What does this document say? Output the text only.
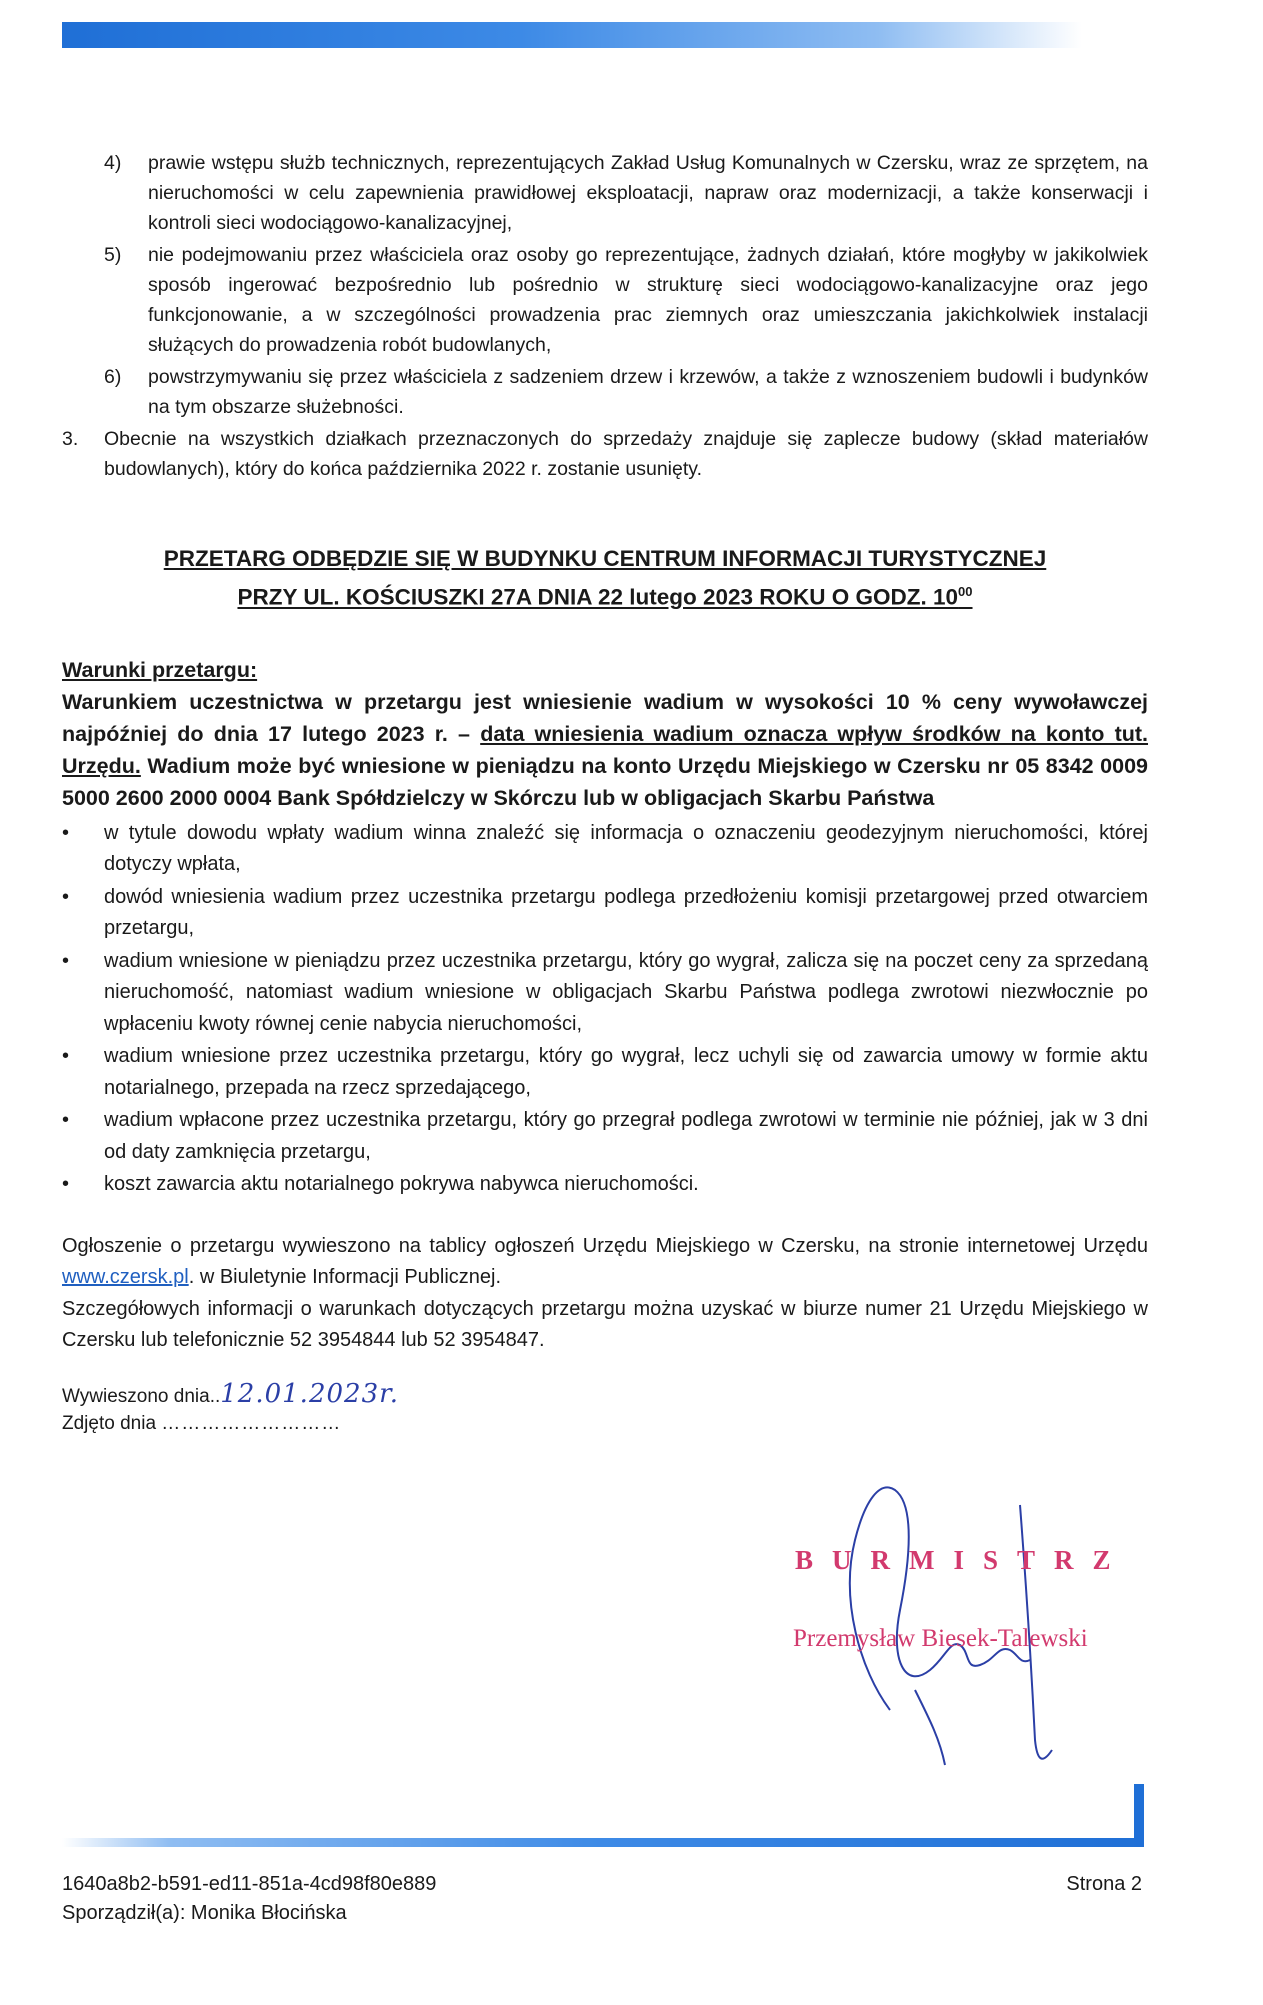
4) prawie wstępu służb technicznych, reprezentujących Zakład Usług Komunalnych w Czersku, wraz ze sprzętem, na nieruchomości w celu zapewnienia prawidłowej eksploatacji, napraw oraz modernizacji, a także konserwacji i kontroli sieci wodociągowo-kanalizacyjnej,
5) nie podejmowaniu przez właściciela oraz osoby go reprezentujące, żadnych działań, które mogłyby w jakikolwiek sposób ingerować bezpośrednio lub pośrednio w strukturę sieci wodociągowo-kanalizacyjne oraz jego funkcjonowanie, a w szczególności prowadzenia prac ziemnych oraz umieszczania jakichkolwiek instalacji służących do prowadzenia robót budowlanych,
6) powstrzymywaniu się przez właściciela z sadzeniem drzew i krzewów, a także z wznoszeniem budowli i budynków na tym obszarze służebności.
3. Obecnie na wszystkich działkach przeznaczonych do sprzedaży znajduje się zaplecze budowy (skład materiałów budowlanych), który do końca października 2022 r. zostanie usunięty.
PRZETARG ODBĘDZIE SIĘ W BUDYNKU CENTRUM INFORMACJI TURYSTYCZNEJ
PRZY UL. KOŚCIUSZKI 27A DNIA 22 lutego 2023 ROKU O GODZ. $10^{00}$
Warunki przetargu:
Warunkiem uczestnictwa w przetargu jest wniesienie wadium w wysokości 10 % ceny wywoławczej najpóźniej do dnia 17 lutego 2023 r. – data wniesienia wadium oznacza wpływ środków na konto tut. Urzędu. Wadium może być wniesione w pieniądzu na konto Urzędu Miejskiego w Czersku nr 05 8342 0009 5000 2600 2000 0004 Bank Spółdzielczy w Skórczu lub w obligacjach Skarbu Państwa
• w tytule dowodu wpłaty wadium winna znaleźć się informacja o oznaczeniu geodezyjnym nieruchomości, której dotyczy wpłata,
• dowód wniesienia wadium przez uczestnika przetargu podlega przedłożeniu komisji przetargowej przed otwarciem przetargu,
• wadium wniesione w pieniądzu przez uczestnika przetargu, który go wygrał, zalicza się na poczet ceny za sprzedaną nieruchomość, natomiast wadium wniesione w obligacjach Skarbu Państwa podlega zwrotowi niezwłocznie po wpłaceniu kwoty równej cenie nabycia nieruchomości,
• wadium wniesione przez uczestnika przetargu, który go wygrał, lecz uchyli się od zawarcia umowy w formie aktu notarialnego, przepada na rzecz sprzedającego,
• wadium wpłacone przez uczestnika przetargu, który go przegrał podlega zwrotowi w terminie nie później, jak w 3 dni od daty zamknięcia przetargu,
• koszt zawarcia aktu notarialnego pokrywa nabywca nieruchomości.
Ogłoszenie o przetargu wywieszono na tablicy ogłoszeń Urzędu Miejskiego w Czersku, na stronie internetowej Urzędu www.czersk.pl. w Biuletynie Informacji Publicznej.
Szczegółowych informacji o warunkach dotyczących przetargu można uzyskać w biurze numer 21 Urzędu Miejskiego w Czersku lub telefonicznie 52 3954844 lub 52 3954847.
Wywieszono dnia..12.01.2023r.
Zdjęto dnia ………………………
BURMISTRZ
Przemysław Biesek-Talewski
1640a8b2-b591-ed11-851a-4cd98f80e889
Sporządził(a): Monika Błocińska
Strona 2
